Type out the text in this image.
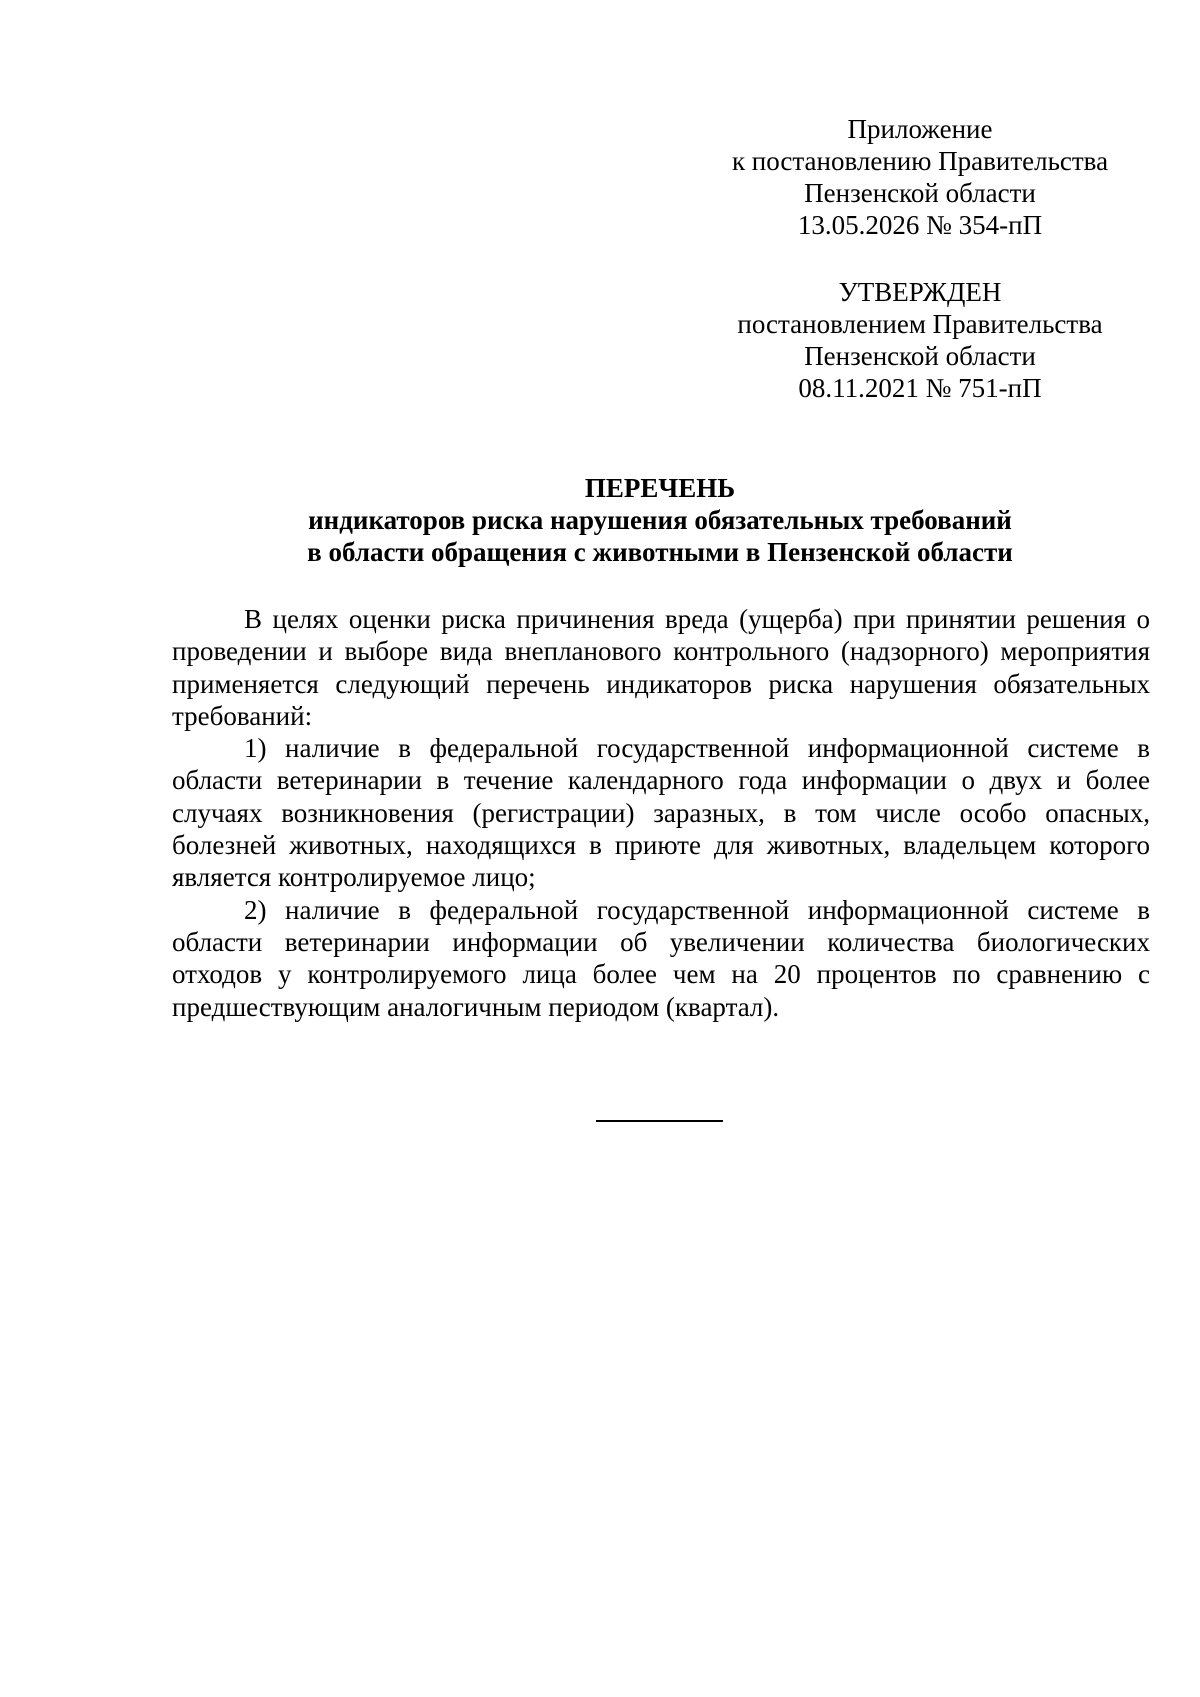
Приложение
к постановлению Правительства
Пензенской области
13.05.2026 № 354-пП
УТВЕРЖДЕН
постановлением Правительства
Пензенской области
08.11.2021 № 751-пП
ПЕРЕЧЕНЬ
индикаторов риска нарушения обязательных требований
в области обращения с животными в Пензенской области

В целях оценки риска причинения вреда (ущерба) при принятии решения о проведении и выборе вида внепланового контрольного (надзорного) мероприятия применяется следующий перечень индикаторов риска нарушения обязательных требований:

1) наличие в федеральной государственной информационной системе в области ветеринарии в течение календарного года информации о двух и более случаях возникновения (регистрации) заразных, в том числе особо опасных, болезней животных, находящихся в приюте для животных, владельцем которого является контролируемое лицо;

2) наличие в федеральной государственной информационной системе в области ветеринарии информации об увеличении количества биологических отходов у контролируемого лица более чем на 20 процентов по сравнению с предшествующим аналогичным периодом (квартал).
